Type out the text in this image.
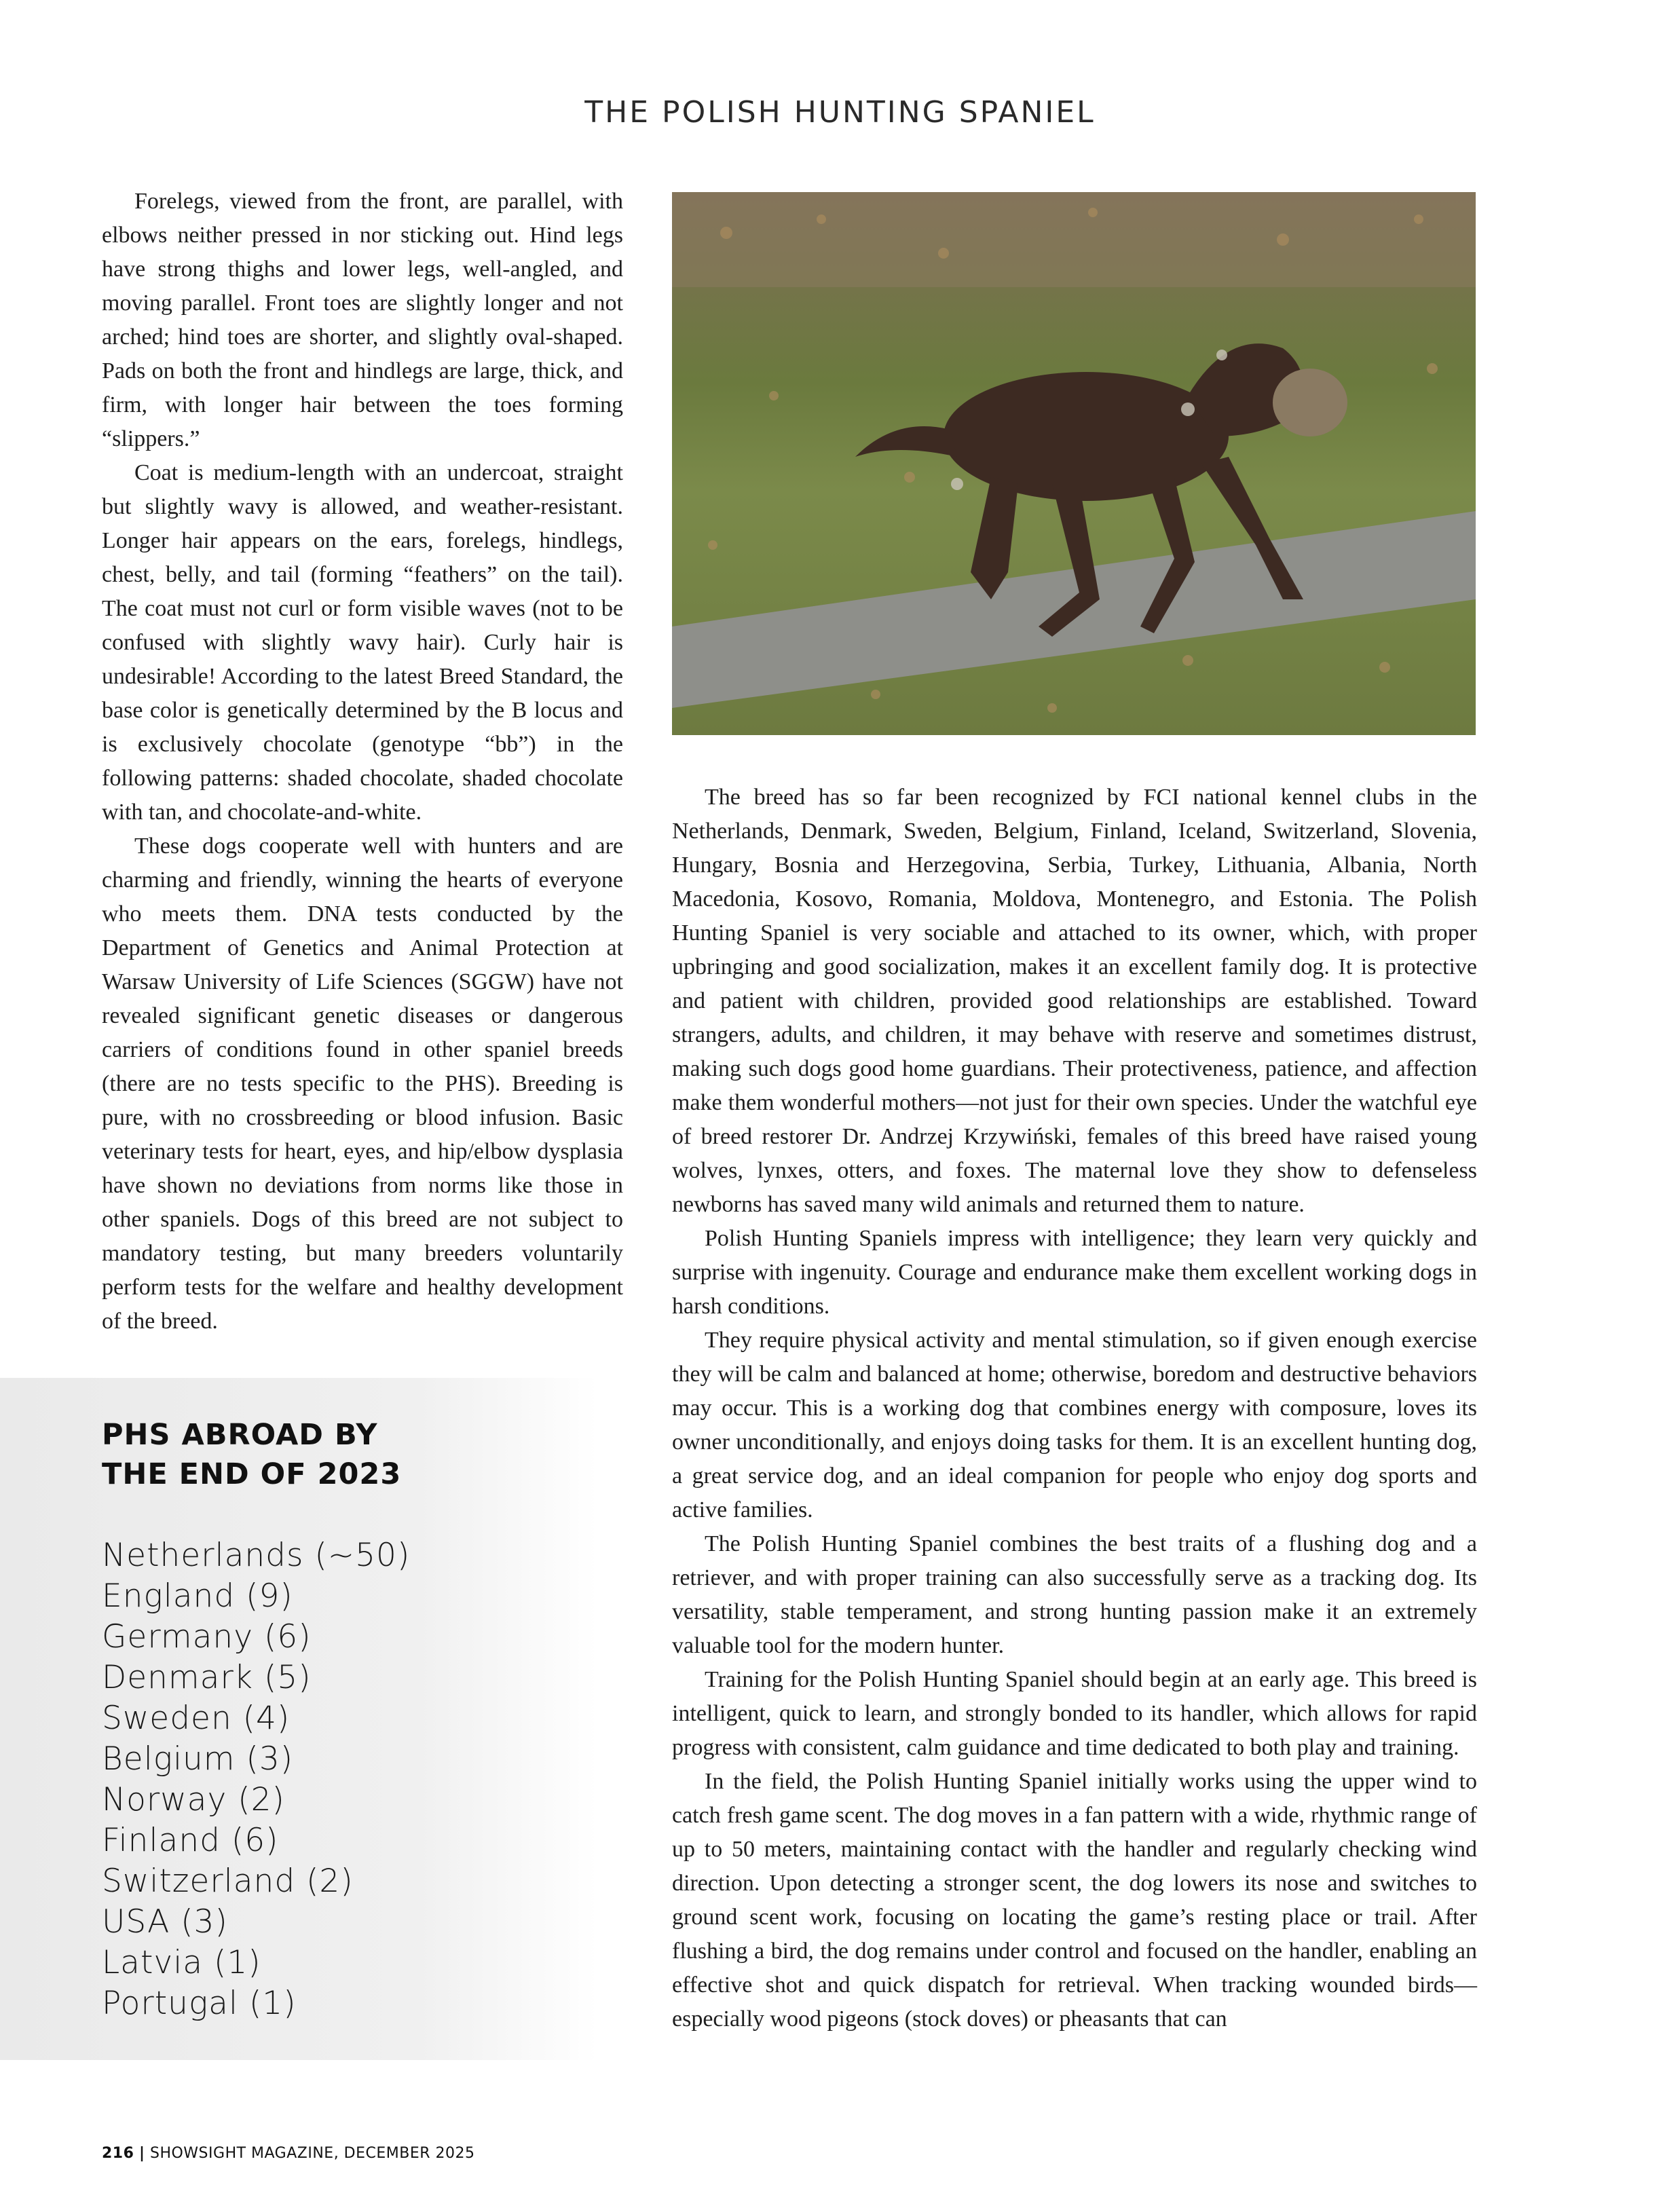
THE POLISH HUNTING SPANIEL

Forelegs, viewed from the front, are parallel, with elbows neither pressed in nor sticking out. Hind legs have strong thighs and lower legs, well-angled, and moving parallel. Front toes are slightly longer and not arched; hind toes are shorter, and slightly oval-shaped. Pads on both the front and hindlegs are large, thick, and firm, with longer hair between the toes forming “slippers.”

Coat is medium-length with an undercoat, straight but slightly wavy is allowed, and weather-resistant. Longer hair appears on the ears, forelegs, hindlegs, chest, belly, and tail (forming “feathers” on the tail). The coat must not curl or form visible waves (not to be confused with slightly wavy hair). Curly hair is undesirable! According to the latest Breed Standard, the base color is genetically determined by the B locus and is exclusively chocolate (genotype “bb”) in the following patterns: shaded chocolate, shaded chocolate with tan, and chocolate-and-white.

These dogs cooperate well with hunters and are charming and friendly, winning the hearts of everyone who meets them. DNA tests conducted by the Department of Genetics and Animal Protection at Warsaw University of Life Sciences (SGGW) have not revealed significant genetic diseases or dangerous carriers of conditions found in other spaniel breeds (there are no tests specific to the PHS). Breeding is pure, with no crossbreeding or blood infusion. Basic veterinary tests for heart, eyes, and hip/elbow dysplasia have shown no deviations from norms like those in other spaniels. Dogs of this breed are not subject to mandatory testing, but many breeders voluntarily perform tests for the welfare and healthy development of the breed.

The breed has so far been recognized by FCI national kennel clubs in the Netherlands, Denmark, Sweden, Belgium, Finland, Iceland, Switzerland, Slovenia, Hungary, Bosnia and Herzegovina, Serbia, Turkey, Lithuania, Albania, North Macedonia, Kosovo, Romania, Moldova, Montenegro, and Estonia. The Polish Hunting Spaniel is very sociable and attached to its owner, which, with proper upbringing and good socialization, makes it an excellent family dog. It is protective and patient with children, provided good relationships are established. Toward strangers, adults, and children, it may behave with reserve and sometimes distrust, making such dogs good home guardians. Their protectiveness, patience, and affection make them wonderful mothers—not just for their own species. Under the watchful eye of breed restorer Dr. Andrzej Krzywiński, females of this breed have raised young wolves, lynxes, otters, and foxes. The maternal love they show to defenseless newborns has saved many wild animals and returned them to nature.

Polish Hunting Spaniels impress with intelligence; they learn very quickly and surprise with ingenuity. Courage and endurance make them excellent working dogs in harsh conditions.

They require physical activity and mental stimulation, so if given enough exercise they will be calm and balanced at home; otherwise, boredom and destructive behaviors may occur. This is a working dog that combines energy with composure, loves its owner unconditionally, and enjoys doing tasks for them. It is an excellent hunting dog, a great service dog, and an ideal companion for people who enjoy dog sports and active families.

The Polish Hunting Spaniel combines the best traits of a flushing dog and a retriever, and with proper training can also successfully serve as a tracking dog. Its versatility, stable temperament, and strong hunting passion make it an extremely valuable tool for the modern hunter.

Training for the Polish Hunting Spaniel should begin at an early age. This breed is intelligent, quick to learn, and strongly bonded to its handler, which allows for rapid progress with consistent, calm guidance and time dedicated to both play and training.

In the field, the Polish Hunting Spaniel initially works using the upper wind to catch fresh game scent. The dog moves in a fan pattern with a wide, rhythmic range of up to 50 meters, maintaining contact with the handler and regularly checking wind direction. Upon detecting a stronger scent, the dog lowers its nose and switches to ground scent work, focusing on locating the game’s resting place or trail. After flushing a bird, the dog remains under control and focused on the handler, enabling an effective shot and quick dispatch for retrieval. When tracking wounded birds—especially wood pigeons (stock doves) or pheasants that can

PHS ABROAD BY
THE END OF 2023
Netherlands (~50)
England (9)
Germany (6)
Denmark (5)
Sweden (4)
Belgium (3)
Norway (2)
Finland (6)
Switzerland (2)
USA (3)
Latvia (1)
Portugal (1)
216 | SHOWSIGHT MAGAZINE, DECEMBER 2025
